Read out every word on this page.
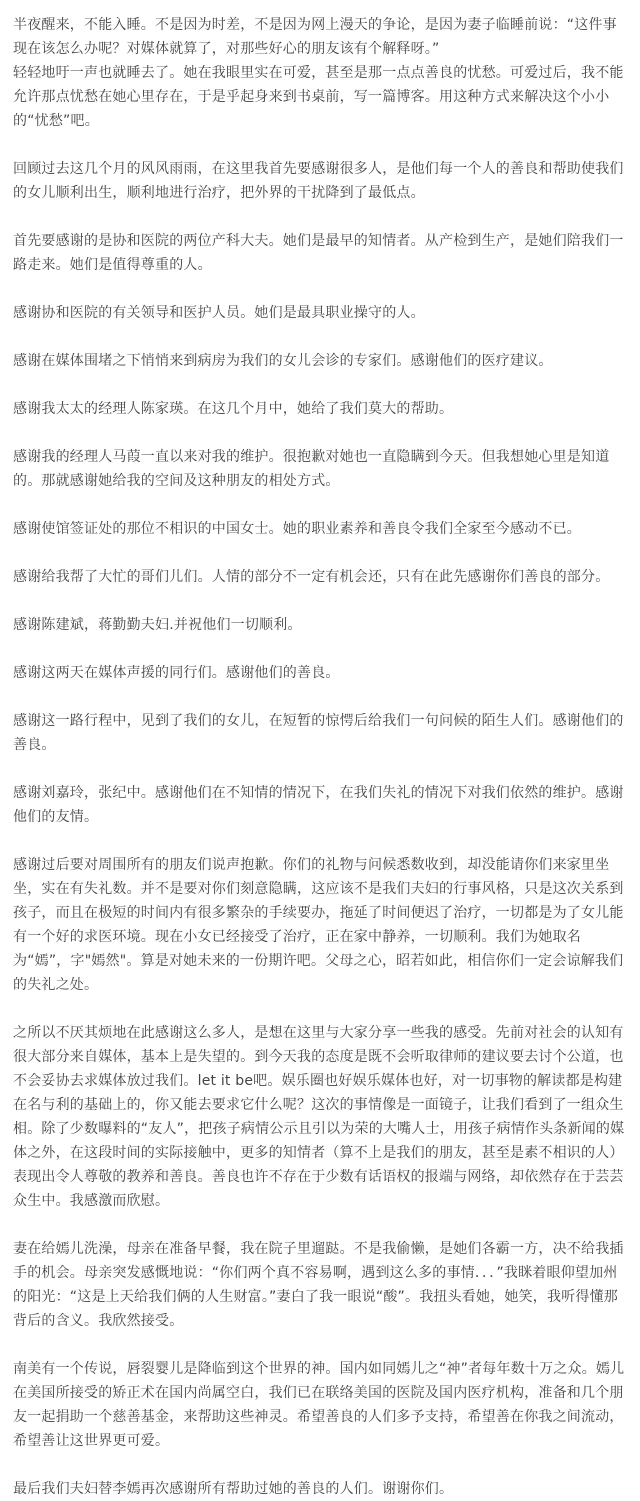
半夜醒来，不能入睡。不是因为时差，不是因为网上漫天的争论，是因为妻子临睡前说：“这件事现在该怎么办呢？对媒体就算了，对那些好心的朋友该有个解释呀。”

轻轻地吁一声也就睡去了。她在我眼里实在可爱，甚至是那一点点善良的忧愁。可爱过后，我不能允许那点忧愁在她心里存在，于是乎起身来到书桌前，写一篇博客。用这种方式来解决这个小小的“忧愁”吧。

回顾过去这几个月的风风雨雨，在这里我首先要感谢很多人，是他们每一个人的善良和帮助使我们的女儿顺利出生，顺利地进行治疗，把外界的干扰降到了最低点。

首先要感谢的是协和医院的两位产科大夫。她们是最早的知情者。从产检到生产，是她们陪我们一路走来。她们是值得尊重的人。

感谢协和医院的有关领导和医护人员。她们是最具职业操守的人。

感谢在媒体围堵之下悄悄来到病房为我们的女儿会诊的专家们。感谢他们的医疗建议。

感谢我太太的经理人陈家瑛。在这几个月中，她给了我们莫大的帮助。

感谢我的经理人马葭一直以来对我的维护。很抱歉对她也一直隐瞒到今天。但我想她心里是知道的。那就感谢她给我的空间及这种朋友的相处方式。

感谢使馆签证处的那位不相识的中国女士。她的职业素养和善良令我们全家至今感动不已。

感谢给我帮了大忙的哥们儿们。人情的部分不一定有机会还，只有在此先感谢你们善良的部分。

感谢陈建斌，蒋勤勤夫妇.并祝他们一切顺利。

感谢这两天在媒体声援的同行们。感谢他们的善良。

感谢这一路行程中，见到了我们的女儿，在短暂的惊愕后给我们一句问候的陌生人们。感谢他们的善良。

感谢刘嘉玲，张纪中。感谢他们在不知情的情况下，在我们失礼的情况下对我们依然的维护。感谢他们的友情。

感谢过后要对周围所有的朋友们说声抱歉。你们的礼物与问候悉数收到，却没能请你们来家里坐坐，实在有失礼数。并不是要对你们刻意隐瞒，这应该不是我们夫妇的行事风格，只是这次关系到孩子，而且在极短的时间内有很多繁杂的手续要办，拖延了时间便迟了治疗，一切都是为了女儿能有一个好的求医环境。现在小女已经接受了治疗，正在家中静养，一切顺利。我们为她取名为“嫣”，字"嫣然"。算是对她未来的一份期许吧。父母之心，昭若如此，相信你们一定会谅解我们的失礼之处。

之所以不厌其烦地在此感谢这么多人，是想在这里与大家分享一些我的感受。先前对社会的认知有很大部分来自媒体，基本上是失望的。到今天我的态度是既不会听取律师的建议要去讨个公道，也不会妥协去求媒体放过我们。let it be吧。娱乐圈也好娱乐媒体也好，对一切事物的解读都是构建在名与利的基础上的，你又能去要求它什么呢？这次的事情像是一面镜子，让我们看到了一组众生相。除了少数曝料的“友人”，把孩子病情公示且引以为荣的大嘴人士，用孩子病情作头条新闻的媒体之外，在这段时间的实际接触中，更多的知情者（算不上是我们的朋友，甚至是素不相识的人）表现出令人尊敬的教养和善良。善良也许不存在于少数有话语权的报端与网络，却依然存在于芸芸众生中。我感激而欣慰。

妻在给嫣儿洗澡，母亲在准备早餐，我在院子里遛跶。不是我偷懒，是她们各霸一方，决不给我插手的机会。母亲突发感慨地说：“你们两个真不容易啊，遇到这么多的事情．．．”我眯着眼仰望加州的阳光：“这是上天给我们俩的人生财富。”妻白了我一眼说“酸”。我扭头看她，她笑，我听得懂那背后的含义。我欣然接受。

南美有一个传说，唇裂婴儿是降临到这个世界的神。国内如同嫣儿之“神”者每年数十万之众。嫣儿在美国所接受的矫正术在国内尚属空白，我们已在联络美国的医院及国内医疗机构，准备和几个朋友一起捐助一个慈善基金，来帮助这些神灵。希望善良的人们多予支持，希望善在你我之间流动，希望善让这世界更可爱。

最后我们夫妇替李嫣再次感谢所有帮助过她的善良的人们。谢谢你们。
